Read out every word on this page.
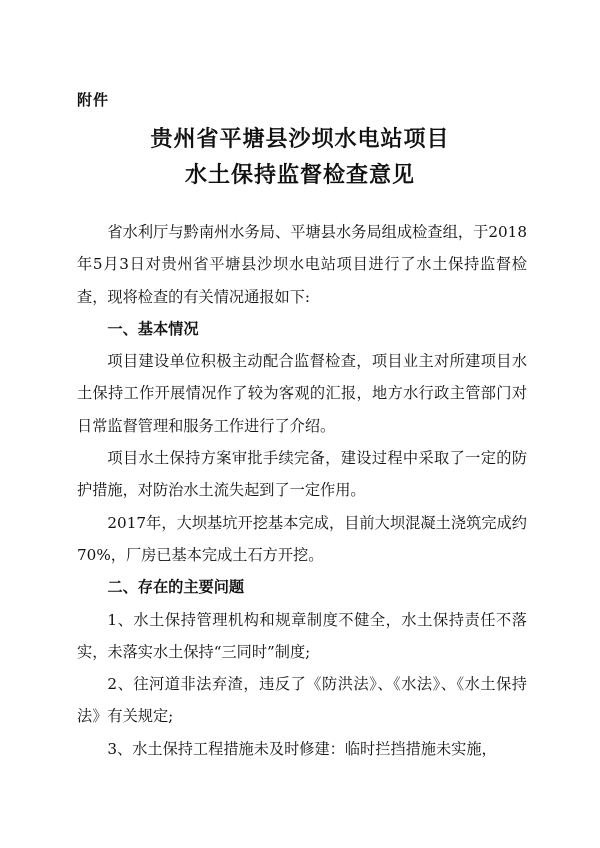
附件
贵州省平塘县沙坝水电站项目
水土保持监督检查意见

省水利厅与黔南州水务局、平塘县水务局组成检查组，于2018年5月3日对贵州省平塘县沙坝水电站项目进行了水土保持监督检查，现将检查的有关情况通报如下:

一、基本情况

项目建设单位积极主动配合监督检查，项目业主对所建项目水土保持工作开展情况作了较为客观的汇报，地方水行政主管部门对日常监督管理和服务工作进行了介绍。

项目水土保持方案审批手续完备，建设过程中采取了一定的防护措施，对防治水土流失起到了一定作用。

2017年，大坝基坑开挖基本完成，目前大坝混凝土浇筑完成约70%，厂房已基本完成土石方开挖。

二、存在的主要问题

1、水土保持管理机构和规章制度不健全，水土保持责任不落实，未落实水土保持“三同时”制度;

2、往河道非法弃渣，违反了《防洪法》、《水法》、《水土保持法》有关规定;

3、水土保持工程措施未及时修建：临时拦挡措施未实施，
